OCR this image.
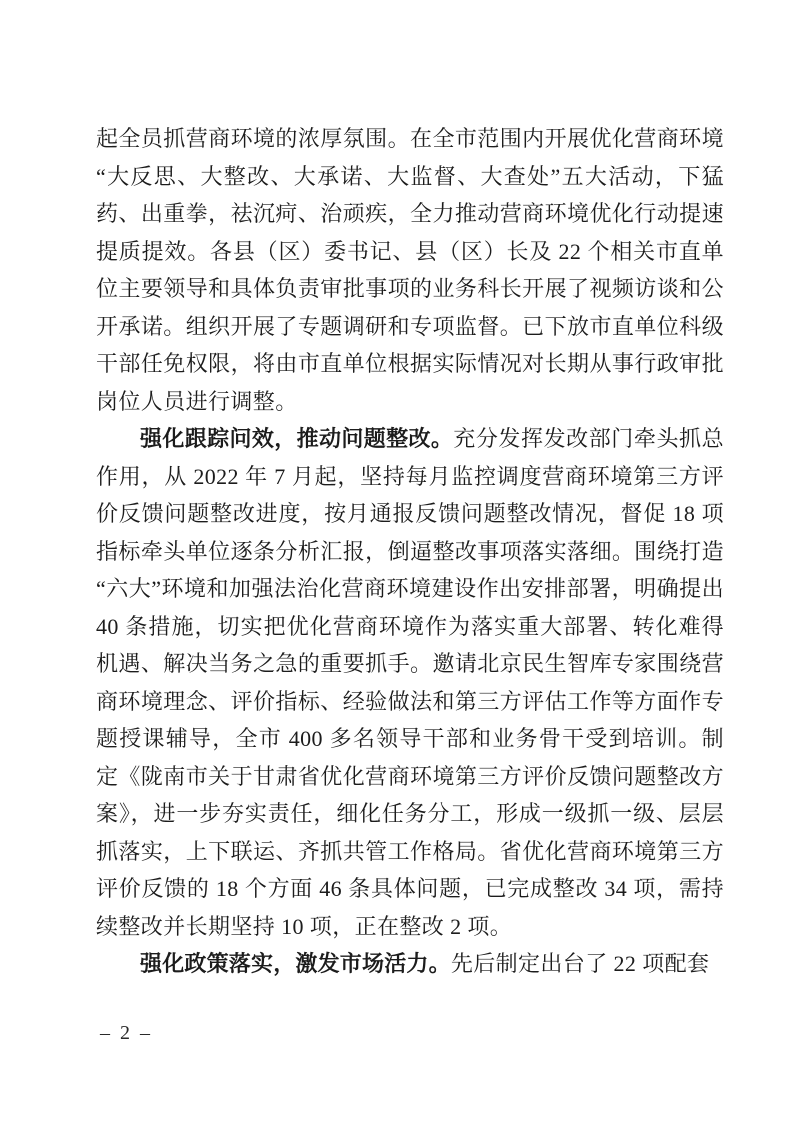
起全员抓营商环境的浓厚氛围。在全市范围内开展优化营商环境“大反思、大整改、大承诺、大监督、大查处”五大活动，下猛药、出重拳，祛沉疴、治顽疾，全力推动营商环境优化行动提速提质提效。各县（区）委书记、县（区）长及 22 个相关市直单位主要领导和具体负责审批事项的业务科长开展了视频访谈和公开承诺。组织开展了专题调研和专项监督。已下放市直单位科级干部任免权限，将由市直单位根据实际情况对长期从事行政审批岗位人员进行调整。

强化跟踪问效，推动问题整改。充分发挥发改部门牵头抓总作用，从 2022 年 7 月起，坚持每月监控调度营商环境第三方评价反馈问题整改进度，按月通报反馈问题整改情况，督促 18 项指标牵头单位逐条分析汇报，倒逼整改事项落实落细。围绕打造“六大”环境和加强法治化营商环境建设作出安排部署，明确提出 40 条措施，切实把优化营商环境作为落实重大部署、转化难得机遇、解决当务之急的重要抓手。邀请北京民生智库专家围绕营商环境理念、评价指标、经验做法和第三方评估工作等方面作专题授课辅导，全市 400 多名领导干部和业务骨干受到培训。制定《陇南市关于甘肃省优化营商环境第三方评价反馈问题整改方案》，进一步夯实责任，细化任务分工，形成一级抓一级、层层抓落实，上下联运、齐抓共管工作格局。省优化营商环境第三方评价反馈的 18 个方面 46 条具体问题，已完成整改 34 项，需持续整改并长期坚持 10 项，正在整改 2 项。

强化政策落实，激发市场活力。先后制定出台了 22 项配套

– 2 –
